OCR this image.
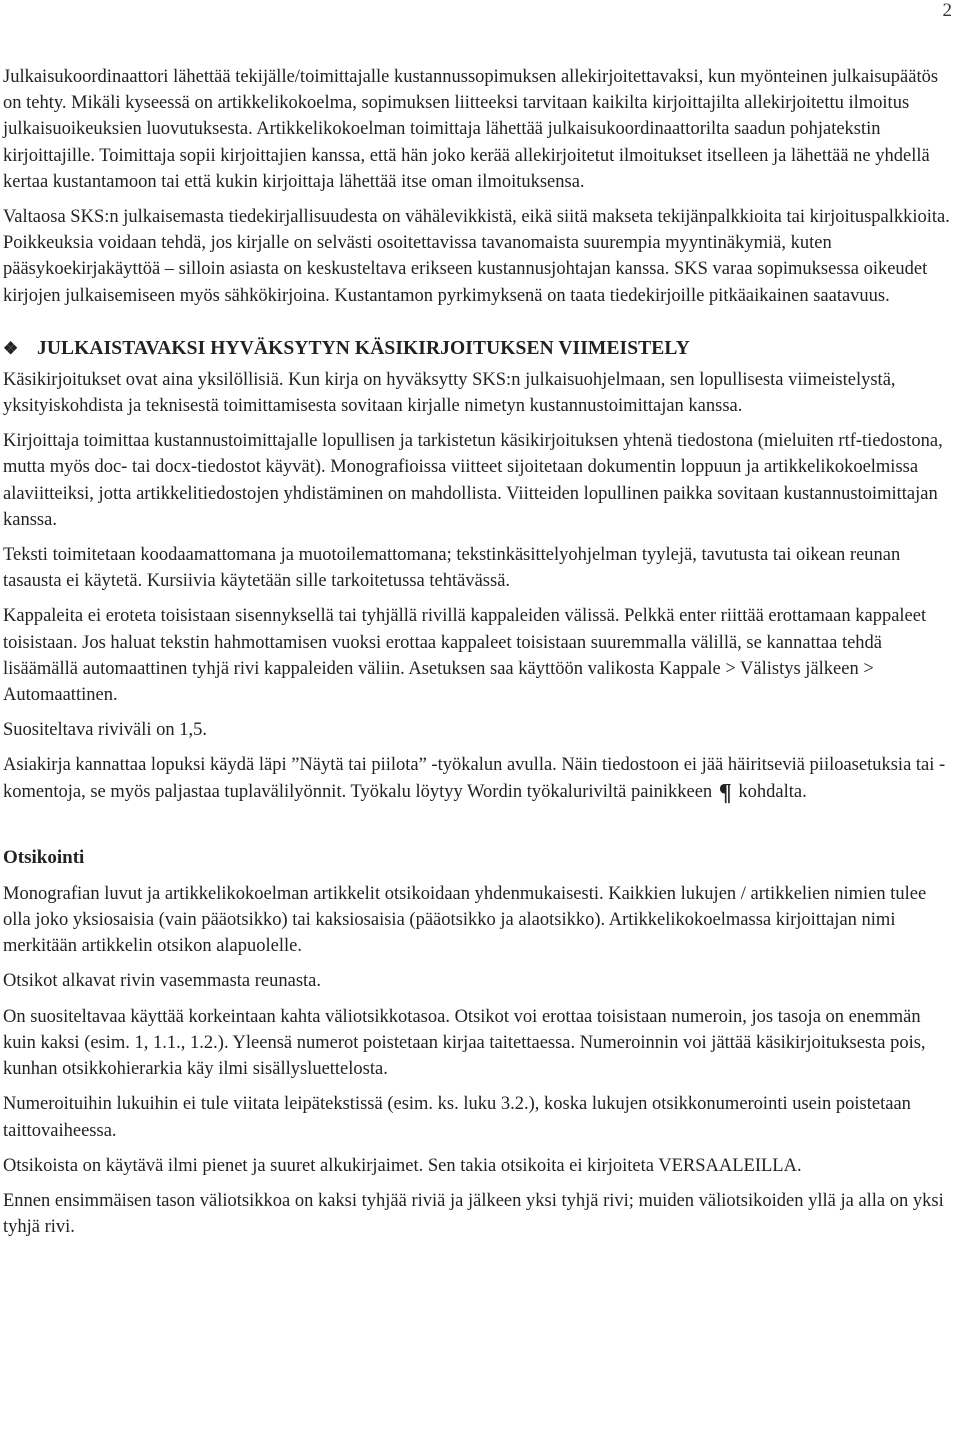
2

Julkaisukoordinaattori lähettää tekijälle/toimittajalle kustannussopimuksen allekirjoitettavaksi, kun myönteinen julkaisupäätös on tehty. Mikäli kyseessä on artikkelikokoelma, sopimuksen liitteeksi tarvitaan kaikilta kirjoittajilta allekirjoitettu ilmoitus julkaisuoikeuksien luovutuksesta. Artikkelikokoelman toimittaja lähettää julkaisukoordinaattorilta saadun pohjatekstin kirjoittajille. Toimittaja sopii kirjoittajien kanssa, että hän joko kerää allekirjoitetut ilmoitukset itselleen ja lähettää ne yhdellä kertaa kustantamoon tai että kukin kirjoittaja lähettää itse oman ilmoituksensa.

Valtaosa SKS:n julkaisemasta tiedekirjallisuudesta on vähälevikkistä, eikä siitä makseta tekijänpalkkioita tai kirjoituspalkkioita. Poikkeuksia voidaan tehdä, jos kirjalle on selvästi osoitettavissa tavanomaista suurempia myyntinäkymiä, kuten pääsykoekirjakäyttöä – silloin asiasta on keskusteltava erikseen kustannusjohtajan kanssa. SKS varaa sopimuksessa oikeudet kirjojen julkaisemiseen myös sähkökirjoina. Kustantamon pyrkimyksenä on taata tiedekirjoille pitkäaikainen saatavuus.

❖ JULKAISTAVAKSI HYVÄKSYTYN KÄSIKIRJOITUKSEN VIIMEISTELY

Käsikirjoitukset ovat aina yksilöllisiä. Kun kirja on hyväksytty SKS:n julkaisuohjelmaan, sen lopullisesta viimeistelystä, yksityiskohdista ja teknisestä toimittamisesta sovitaan kirjalle nimetyn kustannustoimittajan kanssa.

Kirjoittaja toimittaa kustannustoimittajalle lopullisen ja tarkistetun käsikirjoituksen yhtenä tiedostona (mieluiten rtf-tiedostona, mutta myös doc- tai docx-tiedostot käyvät). Monografioissa viitteet sijoitetaan dokumentin loppuun ja artikkelikokoelmissa alaviitteiksi, jotta artikkelitiedostojen yhdistäminen on mahdollista. Viitteiden lopullinen paikka sovitaan kustannustoimittajan kanssa.

Teksti toimitetaan koodaamattomana ja muotoilemattomana; tekstinkäsittelyohjelman tyylejä, tavutusta tai oikean reunan tasausta ei käytetä. Kursiivia käytetään sille tarkoitetussa tehtävässä.

Kappaleita ei eroteta toisistaan sisennyksellä tai tyhjällä rivillä kappaleiden välissä. Pelkkä enter riittää erottamaan kappaleet toisistaan. Jos haluat tekstin hahmottamisen vuoksi erottaa kappaleet toisistaan suuremmalla välillä, se kannattaa tehdä lisäämällä automaattinen tyhjä rivi kappaleiden väliin. Asetuksen saa käyttöön valikosta Kappale > Välistys jälkeen > Automaattinen.

Suositeltava riviväli on 1,5.

Asiakirja kannattaa lopuksi käydä läpi ”Näytä tai piilota” -työkalun avulla. Näin tiedostoon ei jää häiritseviä piiloasetuksia tai -komentoja, se myös paljastaa tuplavälilyönnit. Työkalu löytyy Wordin työkaluriviltä painikkeen ¶ kohdalta.

Otsikointi

Monografian luvut ja artikkelikokoelman artikkelit otsikoidaan yhdenmukaisesti. Kaikkien lukujen / artikkelien nimien tulee olla joko yksiosaisia (vain pääotsikko) tai kaksiosaisia (pääotsikko ja alaotsikko). Artikkelikokoelmassa kirjoittajan nimi merkitään artikkelin otsikon alapuolelle.

Otsikot alkavat rivin vasemmasta reunasta.

On suositeltavaa käyttää korkeintaan kahta väliotsikkotasoa. Otsikot voi erottaa toisistaan numeroin, jos tasoja on enemmän kuin kaksi (esim. 1, 1.1., 1.2.). Yleensä numerot poistetaan kirjaa taitettaessa. Numeroinnin voi jättää käsikirjoituksesta pois, kunhan otsikkohierarkia käy ilmi sisällysluettelosta.

Numeroituihin lukuihin ei tule viitata leipätekstissä (esim. ks. luku 3.2.), koska lukujen otsikkonumerointi usein poistetaan taittovaiheessa.

Otsikoista on käytävä ilmi pienet ja suuret alkukirjaimet. Sen takia otsikoita ei kirjoiteta VERSAALEILLA.

Ennen ensimmäisen tason väliotsikkoa on kaksi tyhjää riviä ja jälkeen yksi tyhjä rivi; muiden väliotsikoiden yllä ja alla on yksi tyhjä rivi.
